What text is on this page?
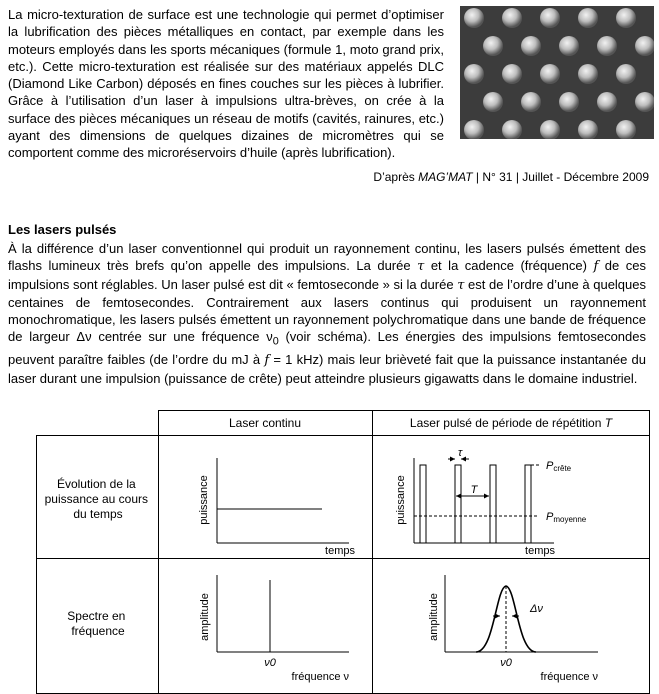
La micro-texturation de surface est une technologie qui permet d’optimiser la lubrification des pièces métalliques en contact, par exemple dans les moteurs employés dans les sports mécaniques (formule 1, moto grand prix, etc.). Cette micro-texturation est réalisée sur des matériaux appelés DLC (Diamond Like Carbon) déposés en fines couches sur les pièces à lubrifier. Grâce à l’utilisation d’un laser à impulsions ultra-brèves, on crée à la surface des pièces mécaniques un réseau de motifs (cavités, rainures, etc.) ayant des dimensions de quelques dizaines de micromètres qui se comportent comme des microréservoirs d’huile (après lubrification).

D’après MAG’MAT | N° 31 | Juillet - Décembre 2009

Les lasers pulsés

À la différence d’un laser conventionnel qui produit un rayonnement continu, les lasers pulsés émettent des flashs lumineux très brefs qu’on appelle des impulsions. La durée τ et la cadence (fréquence) f de ces impulsions sont réglables. Un laser pulsé est dit « femtoseconde » si la durée τ est de l’ordre d’une à quelques centaines de femtosecondes. Contrairement aux lasers continus qui produisent un rayonnement monochromatique, les lasers pulsés émettent un rayonnement polychromatique dans une bande de fréquence de largeur Δν centrée sur une fréquence $\nu_0$ (voir schéma). Les énergies des impulsions femtosecondes peuvent paraître faibles (de l’ordre du mJ à f = 1 kHz) mais leur brièveté fait que la puissance instantanée du laser durant une impulsion (puissance de crête) peut atteindre plusieurs gigawatts dans le domaine industriel.

Laser continu	Laser pulsé de période de répétition T
Évolution de la puissance au cours du temps
Spectre en fréquence
puissance
temps
puissance
temps
τ
T
Pcrête
Pmoyenne
amplitude
ν0
fréquence ν
amplitude
ν0
Δν
fréquence ν
